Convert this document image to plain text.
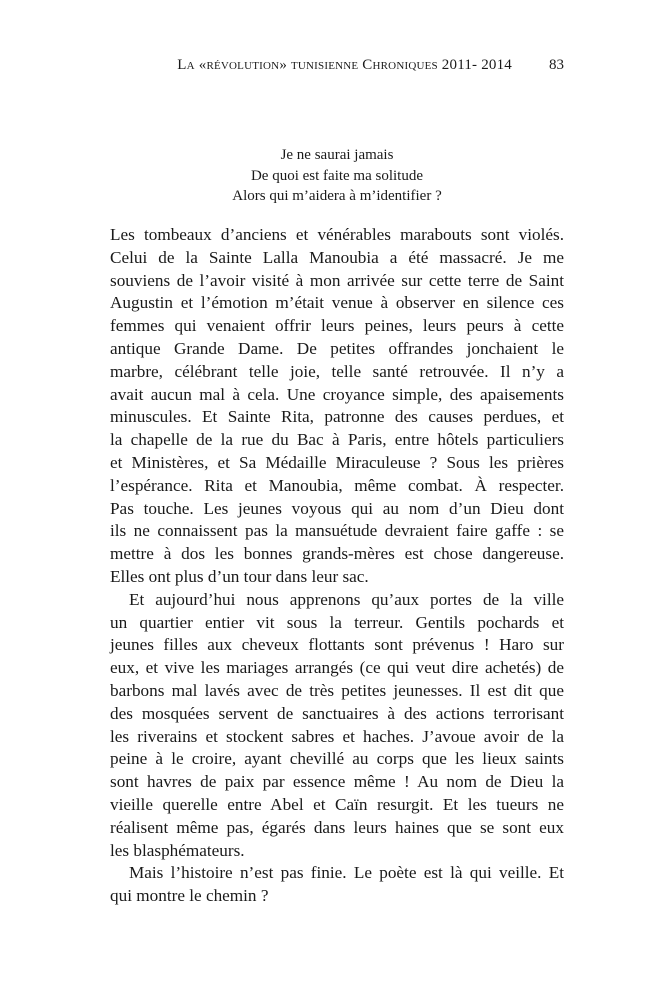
La «révolution» tunisienne Chroniques 2011- 2014 83
Je ne saurai jamais
De quoi est faite ma solitude
Alors qui m’aidera à m’identifier ?
Les tombeaux d’anciens et vénérables marabouts sont violés.
Celui de la Sainte Lalla Manoubia a été massacré. Je me
souviens de l’avoir visité à mon arrivée sur cette terre de Saint
Augustin et l’émotion m’était venue à observer en silence ces
femmes qui venaient offrir leurs peines, leurs peurs à cette
antique Grande Dame. De petites offrandes jonchaient le
marbre, célébrant telle joie, telle santé retrouvée. Il n’y a
avait aucun mal à cela. Une croyance simple, des apaisements
minuscules. Et Sainte Rita, patronne des causes perdues, et
la chapelle de la rue du Bac à Paris, entre hôtels particuliers
et Ministères, et Sa Médaille Miraculeuse ? Sous les prières
l’espérance. Rita et Manoubia, même combat. À respecter.
Pas touche. Les jeunes voyous qui au nom d’un Dieu dont
ils ne connaissent pas la mansuétude devraient faire gaffe : se
mettre à dos les bonnes grands-mères est chose dangereuse.
Elles ont plus d’un tour dans leur sac.
Et aujourd’hui nous apprenons qu’aux portes de la ville
un quartier entier vit sous la terreur. Gentils pochards et
jeunes filles aux cheveux flottants sont prévenus ! Haro sur
eux, et vive les mariages arrangés (ce qui veut dire achetés) de
barbons mal lavés avec de très petites jeunesses. Il est dit que
des mosquées servent de sanctuaires à des actions terrorisant
les riverains et stockent sabres et haches. J’avoue avoir de la
peine à le croire, ayant chevillé au corps que les lieux saints
sont havres de paix par essence même ! Au nom de Dieu la
vieille querelle entre Abel et Caïn resurgit. Et les tueurs ne
réalisent même pas, égarés dans leurs haines que se sont eux
les blasphémateurs.
Mais l’histoire n’est pas finie. Le poète est là qui veille. Et
qui montre le chemin ?
